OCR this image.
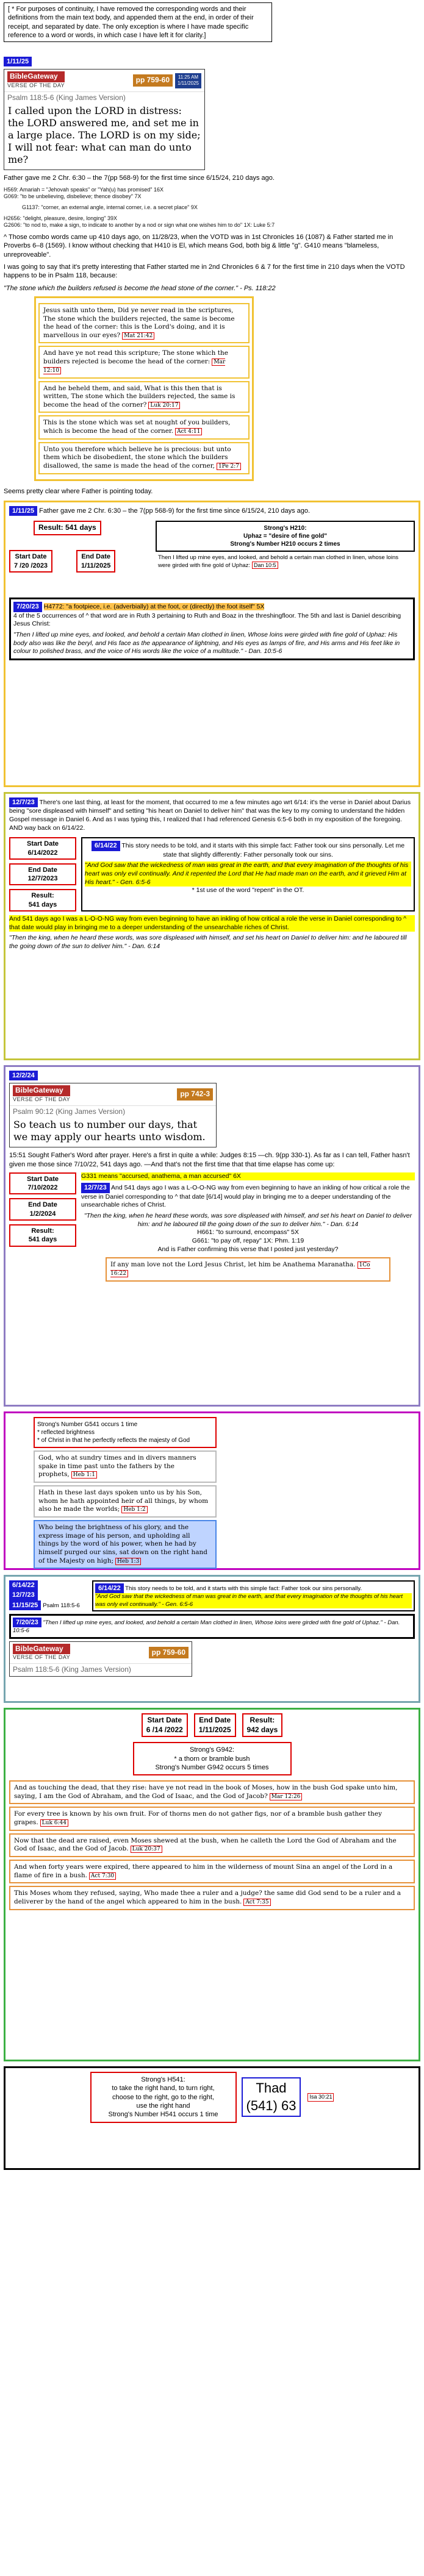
[ * For purposes of continuity, I have removed the corresponding words and their definitions from the main text body, and appended them at the end, in order of their receipt, and separated by date. The only exception is where I have made specific reference to a word or words, in which case I have left it for clarity.]
1/11/25
BibleGateway
VERSE OF THE DAY
pp 759-60	11:25 AM
1/11/2025
Psalm 118:5-6 (King James Version)
I called upon the LORD in distress: the LORD answered me, and set me in a large place. The LORD is on my side; I will not fear: what can man do unto me?

Father gave me 2 Chr. 6:30 – the 7(pp 568-9) for the first time since 6/15/24, 210 days ago.

H569: Amariah = "Jehovah speaks" or "Yah(u) has promised" 16X
G069: "to be unbelieving, disbelieve; thence disobey" 7X
G1137: "corner, an external angle, internal corner, i.e. a secret place" 9X
H2656: "delight, pleasure, desire, longing" 39X
G2606: "to nod to, make a sign, to indicate to another by a nod or sign what one wishes him to do" 1X: Luke 5:7

^ Those combo words came up 410 days ago, on 11/28/23, when the VOTD was in 1st Chronicles 16 (1087) & Father started me in Proverbs 6–8 (1569). I know without checking that H410 is El, which means God, both big & little "g". G410 means "blameless, unreproveable".

I was going to say that it's pretty interesting that Father started me in 2nd Chronicles 6 & 7 for the first time in 210 days when the VOTD happens to be in Psalm 118, because:

"The stone which the builders refused is become the head stone of the corner." - Ps. 118:22

Jesus saith unto them, Did ye never read in the scriptures, The stone which the builders rejected, the same is become the head of the corner: this is the Lord's doing, and it is marvellous in our eyes? Mat 21:42
And have ye not read this scripture; The stone which the builders rejected is become the head of the corner: Mar 12:10
And he beheld them, and said, What is this then that is written, The stone which the builders rejected, the same is become the head of the corner? Luk 20:17
This is the stone which was set at nought of you builders, which is become the head of the corner. Act 4:11
Unto you therefore which believe he is precious: but unto them which be disobedient, the stone which the builders disallowed, the same is made the head of the corner, 1Pe 2:7

Seems pretty clear where Father is pointing today.

1/11/25 Father gave me 2 Chr. 6:30 – the 7(pp 568-9) for the first time since 6/15/24, 210 days ago.
Result: 541 days
Start Date
7 /20 /2023
End Date
1/11/2025
Strong's H210:
Uphaz = "desire of fine gold"
Strong's Number H210 occurs 2 times
Then I lifted up mine eyes, and looked, and behold a certain man clothed in linen, whose loins were girded with fine gold of Uphaz: Dan 10:5
7/20/23 H4772: "a footpiece, i.e. (adverbially) at the foot, or (directly) the foot itself" 5X
4 of the 5 occurrences of ^ that word are in Ruth 3 pertaining to Ruth and Boaz in the threshingfloor. The 5th and last is Daniel describing Jesus Christ:
"Then I lifted up mine eyes, and looked, and behold a certain Man clothed in linen, Whose loins were girded with fine gold of Uphaz: His body also was like the beryl, and His face as the appearance of lightning, and His eyes as lamps of fire, and His arms and His feet like in colour to polished brass, and the voice of His words like the voice of a multitude." - Dan. 10:5-6
12/7/23 There's one last thing, at least for the moment, that occurred to me a few minutes ago wrt 6/14: it's the verse in Daniel about Darius being "sore displeased with himself" and setting "his heart on Daniel to deliver him" that was the key to my coming to understand the hidden Gospel message in Daniel 6. And as I was typing this, I realized that I had referenced Genesis 6:5-6 both in my exposition of the foregoing. AND way back on 6/14/22.
Start Date
6/14/2022
End Date
12/7/2023
Result:
541 days
6/14/22 This story needs to be told, and it starts with this simple fact: Father took our sins personally. Let me state that slightly differently: Father personally took our sins.
"And God saw that the wickedness of man was great in the earth, and that every imagination of the thoughts of his heart was only evil continually. And it repented the Lord that He had made man on the earth, and it grieved Him at His heart." - Gen. 6:5-6
* 1st use of the word "repent" in the OT.
And 541 days ago I was a L-O-O-NG way from even beginning to have an inkling of how critical a role the verse in Daniel corresponding to ^ that date would play in bringing me to a deeper understanding of the unsearchable riches of Christ.
"Then the king, when he heard these words, was sore displeased with himself, and set his heart on Daniel to deliver him: and he laboured till the going down of the sun to deliver him." - Dan. 6:14
12/2/24
BibleGateway
VERSE OF THE DAY
pp 742-3
Psalm 90:12 (King James Version)
So teach us to number our days, that we may apply our hearts unto wisdom.
15:51 Sought Father's Word after prayer. Here's a first in quite a while: Judges 8:15 —ch. 9(pp 330-1). As far as I can tell, Father hasn't given me those since 7/10/22, 541 days ago. —And that's not the first time that that time elapse has come up:
Start Date
7/10/2022
End Date
1/2/2024
Result:
541 days
G331 means "accursed, anathema, a man accursed" 6X
12/7/23 And 541 days ago I was a L-O-O-NG way from even beginning to have an inkling of how critical a role the verse in Daniel corresponding to ^ that date [6/14] would play in bringing me to a deeper understanding of the unsearchable riches of Christ.
"Then the king, when he heard these words, was sore displeased with himself, and set his heart on Daniel to deliver him: and he laboured till the going down of the sun to deliver him." - Dan. 6:14
H661: "to surround, encompass" 5X
G661: "to pay off, repay" 1X: Phm. 1:19
And is Father confirming this verse that I posted just yesterday?
If any man love not the Lord Jesus Christ, let him be Anathema Maranatha. 1Co 16:22
Strong's Number G541 occurs 1 time
* reflected brightness
* of Christ in that he perfectly reflects the majesty of God
God, who at sundry times and in divers manners spake in time past unto the fathers by the prophets, Heb 1:1
Hath in these last days spoken unto us by his Son, whom he hath appointed heir of all things, by whom also he made the worlds; Heb 1:2
Who being the brightness of his glory, and the express image of his person, and upholding all things by the word of his power, when he had by himself purged our sins, sat down on the right hand of the Majesty on high; Heb 1:3
6/14/22
12/7/23
11/15/25 Psalm 118:5-6
6/14/22 This story needs to be told, and it starts with this simple fact: Father took our sins personally.
"And God saw that the wickedness of man was great in the earth, and that every imagination of the thoughts of his heart was only evil continually." - Gen. 6:5-6
7/20/23 "Then I lifted up mine eyes, and looked, and behold a certain Man clothed in linen, Whose loins were girded with fine gold of Uphaz." - Dan. 10:5-6
BibleGateway
VERSE OF THE DAY
pp 759-60
Psalm 118:5-6 (King James Version)
Start Date
6 /14 /2022
End Date
1/11/2025
Result:
942 days
Strong's G942:
* a thorn or bramble bush
Strong's Number G942 occurs 5 times
And as touching the dead, that they rise: have ye not read in the book of Moses, how in the bush God spake unto him, saying, I am the God of Abraham, and the God of Isaac, and the God of Jacob? Mar 12:26
For every tree is known by his own fruit. For of thorns men do not gather figs, nor of a bramble bush gather they grapes. Luk 6:44
Now that the dead are raised, even Moses shewed at the bush, when he calleth the Lord the God of Abraham and the God of Isaac, and the God of Jacob. Luk 20:37
And when forty years were expired, there appeared to him in the wilderness of mount Sina an angel of the Lord in a flame of fire in a bush. Act 7:30
This Moses whom they refused, saying, Who made thee a ruler and a judge? the same did God send to be a ruler and a deliverer by the hand of the angel which appeared to him in the bush. Act 7:35
Strong's H541:
to take the right hand, to turn right,
choose to the right, go to the right,
use the right hand
Strong's Number H541 occurs 1 time
Thad
(541) 63
Isa 30:21
